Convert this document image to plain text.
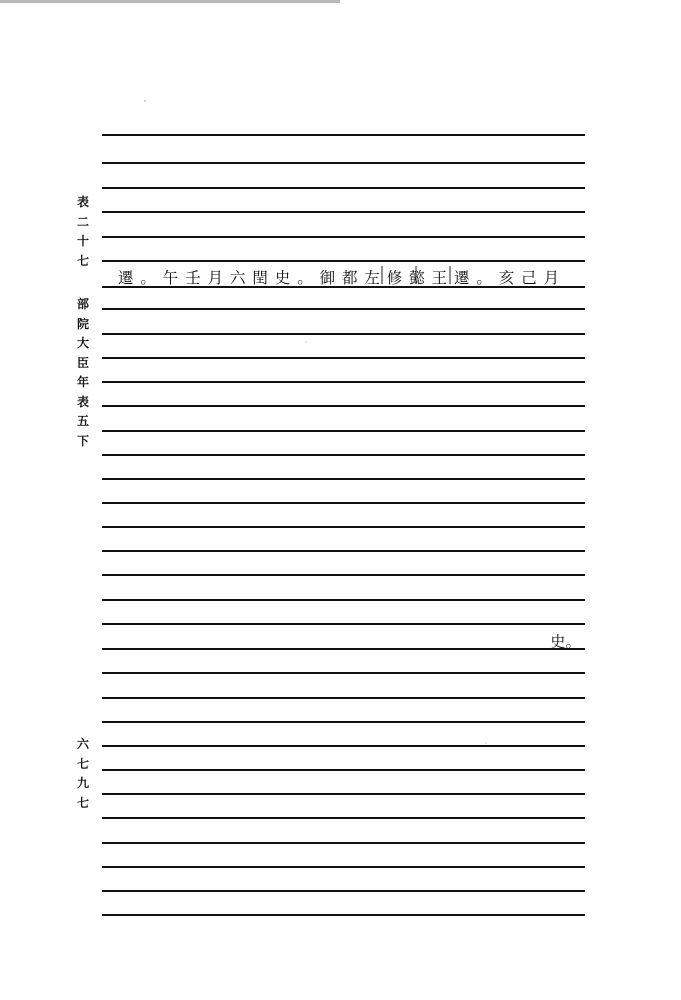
表
二
十
七
部
院
大
臣
年
表
五
下
六
七
九
七
遷。午壬月六閏史。御都左修懿王遷。亥己月
史。
